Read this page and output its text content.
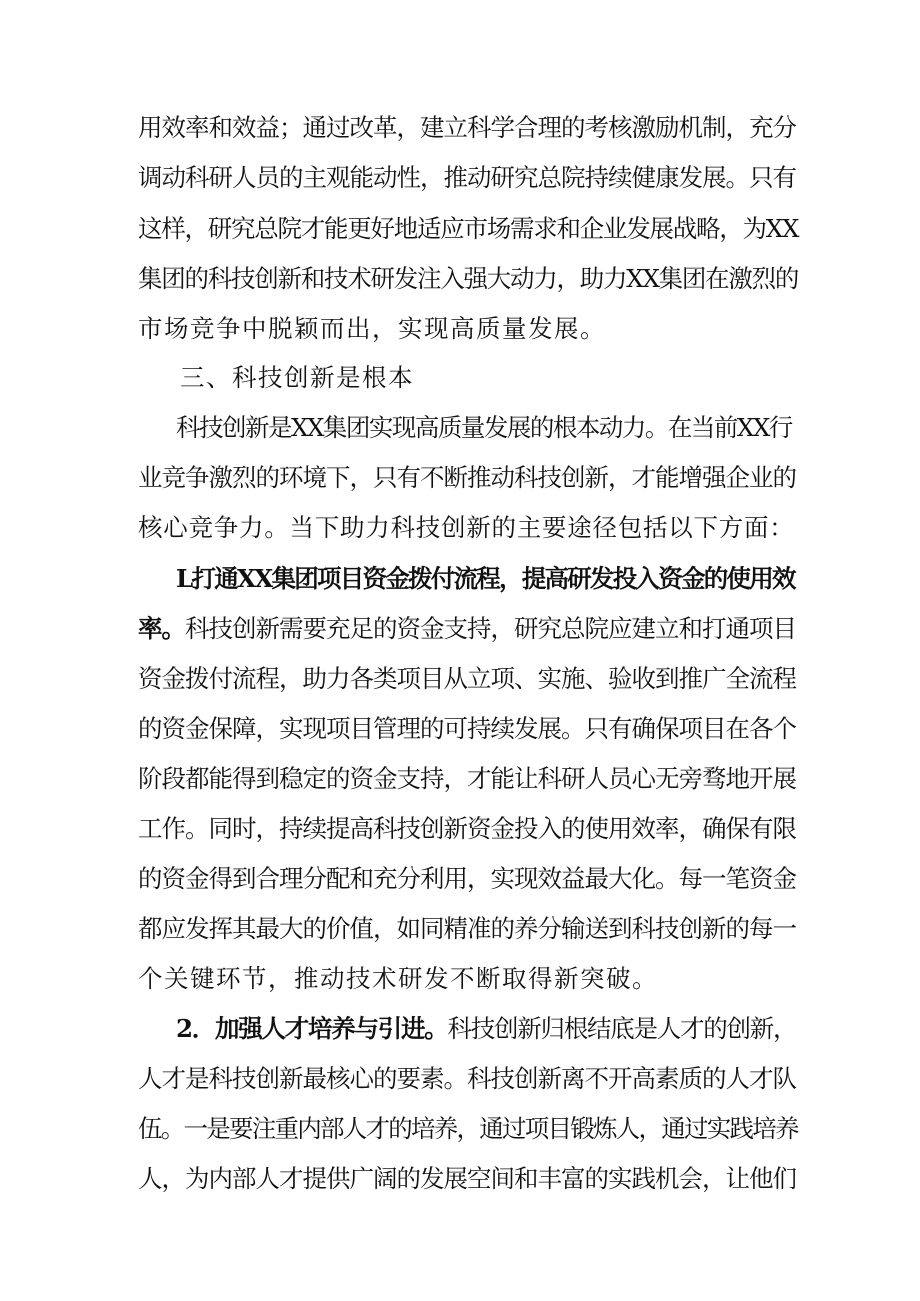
用效率和效益；通过改革，建立科学合理的考核激励机制，充分
调动科研人员的主观能动性，推动研究总院持续健康发展。只有
这样，研究总院才能更好地适应市场需求和企业发展战略，为XX
集团的科技创新和技术研发注入强大动力，助力XX集团在激烈的
市场竞争中脱颖而出，实现高质量发展。
三、科技创新是根本
科技创新是XX集团实现高质量发展的根本动力。在当前XX行
业竞争激烈的环境下，只有不断推动科技创新，才能增强企业的
核心竞争力。当下助力科技创新的主要途径包括以下方面：
L打通XX集团项目资金拨付流程，提高研发投入资金的使用效
率。科技创新需要充足的资金支持，研究总院应建立和打通项目
资金拨付流程，助力各类项目从立项、实施、验收到推广全流程
的资金保障，实现项目管理的可持续发展。只有确保项目在各个
阶段都能得到稳定的资金支持，才能让科研人员心无旁骛地开展
工作。同时，持续提高科技创新资金投入的使用效率，确保有限
的资金得到合理分配和充分利用，实现效益最大化。每一笔资金
都应发挥其最大的价值，如同精准的养分输送到科技创新的每一
个关键环节，推动技术研发不断取得新突破。
2．加强人才培养与引进。科技创新归根结底是人才的创新，
人才是科技创新最核心的要素。科技创新离不开高素质的人才队
伍。一是要注重内部人才的培养，通过项目锻炼人，通过实践培养
人，为内部人才提供广阔的发展空间和丰富的实践机会，让他们
